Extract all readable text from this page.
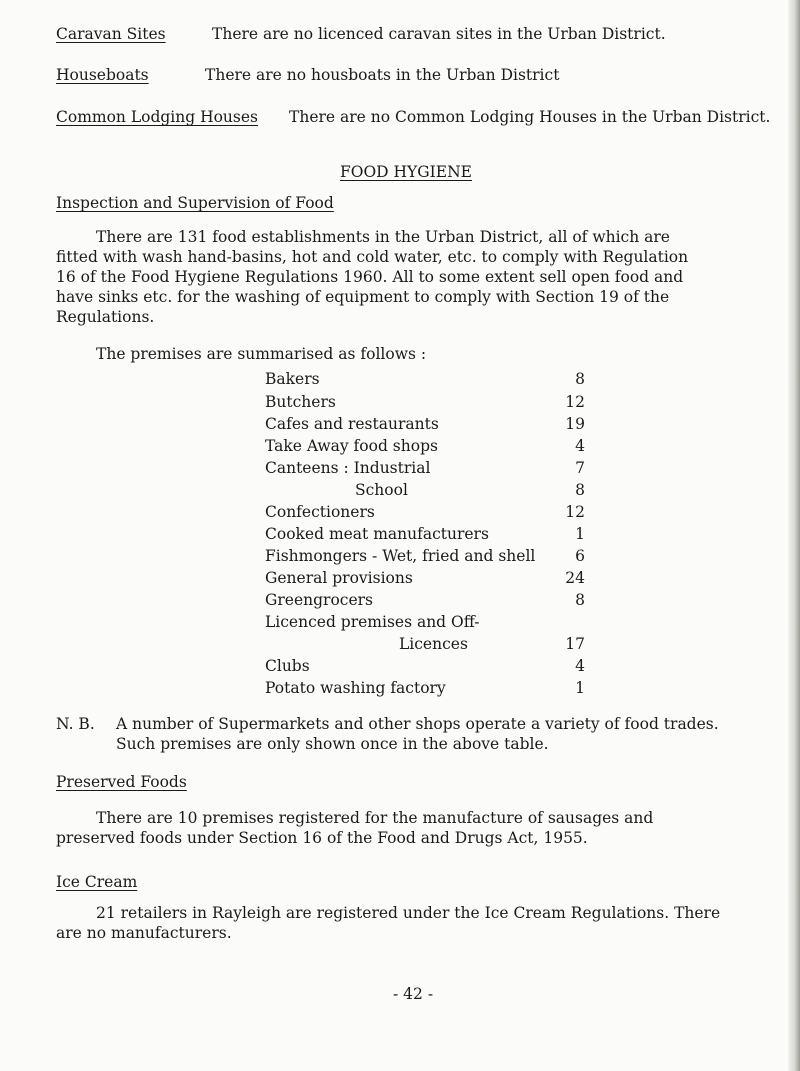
Caravan Sites	There are no licenced caravan sites in the Urban District.
Houseboats	There are no housboats in the Urban District
Common Lodging Houses There are no Common Lodging Houses in the Urban District.
FOOD HYGIENE
Inspection and Supervision of Food
There are 131 food establishments in the Urban District, all of which are
fitted with wash hand-basins, hot and cold water, etc. to comply with Regulation
16 of the Food Hygiene Regulations 1960. All to some extent sell open food and
have sinks etc. for the washing of equipment to comply with Section 19 of the
Regulations.
The premises are summarised as follows :
Bakers	8
Butchers	12
Cafes and restaurants	19
Take Away food shops	4
Canteens : Industrial	7
School	8
Confectioners	12
Cooked meat manufacturers	1
Fishmongers - Wet, fried and shell	6
General provisions	24
Greengrocers	8
Licenced premises and Off-
Licences	17
Clubs	4
Potato washing factory	1
N. B. A number of Supermarkets and other shops operate a variety of food trades.
Such premises are only shown once in the above table.
Preserved Foods
There are 10 premises registered for the manufacture of sausages and
preserved foods under Section 16 of the Food and Drugs Act, 1955.
Ice Cream
21 retailers in Rayleigh are registered under the Ice Cream Regulations. There
are no manufacturers.
- 42 -
